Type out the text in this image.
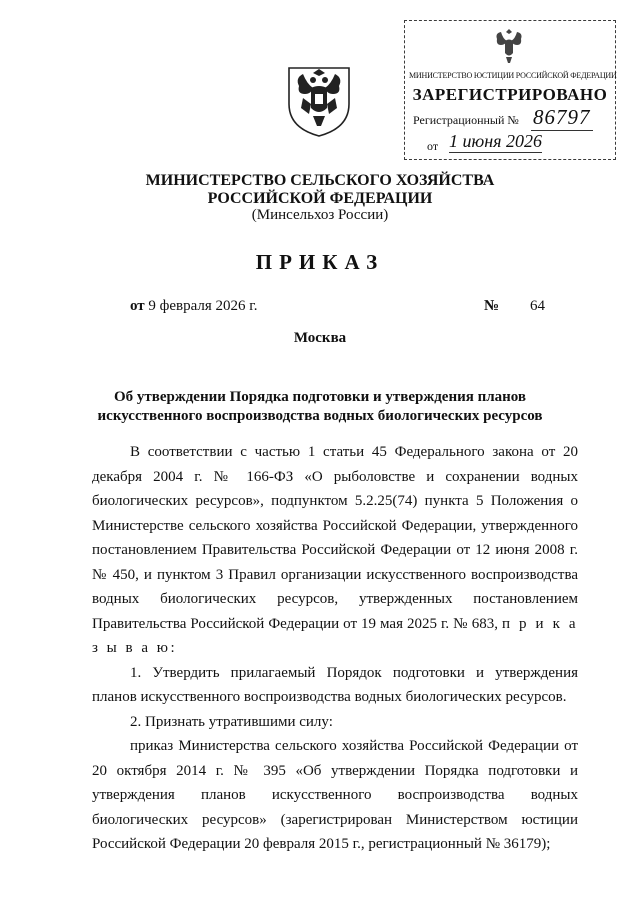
МИНИСТЕРСТВО ЮСТИЦИИ РОССИЙСКОЙ ФЕДЕРАЦИИ
ЗАРЕГИСТРИРОВАНО
Регистрационный № 86797
от 1 июня 2026
МИНИСТЕРСТВО СЕЛЬСКОГО ХОЗЯЙСТВА
РОССИЙСКОЙ ФЕДЕРАЦИИ
(Минсельхоз России)
ПРИКАЗ
от 9 февраля 2026 г.	№ 64
Москва
Об утверждении Порядка подготовки и утверждения планов искусственного воспроизводства водных биологических ресурсов

В соответствии с частью 1 статьи 45 Федерального закона от 20 декабря 2004 г. № 166-ФЗ «О рыболовстве и сохранении водных биологических ресурсов», подпунктом 5.2.25(74) пункта 5 Положения о Министерстве сельского хозяйства Российской Федерации, утвержденного постановлением Правительства Российской Федерации от 12 июня 2008 г. № 450, и пунктом 3 Правил организации искусственного воспроизводства водных биологических ресурсов, утвержденных постановлением Правительства Российской Федерации от 19 мая 2025 г. № 683, п р и к а з ы в а ю:

1. Утвердить прилагаемый Порядок подготовки и утверждения планов искусственного воспроизводства водных биологических ресурсов.

2. Признать утратившими силу:

приказ Министерства сельского хозяйства Российской Федерации от 20 октября 2014 г. № 395 «Об утверждении Порядка подготовки и утверждения планов искусственного воспроизводства водных биологических ресурсов» (зарегистрирован Министерством юстиции Российской Федерации 20 февраля 2015 г., регистрационный № 36179);
